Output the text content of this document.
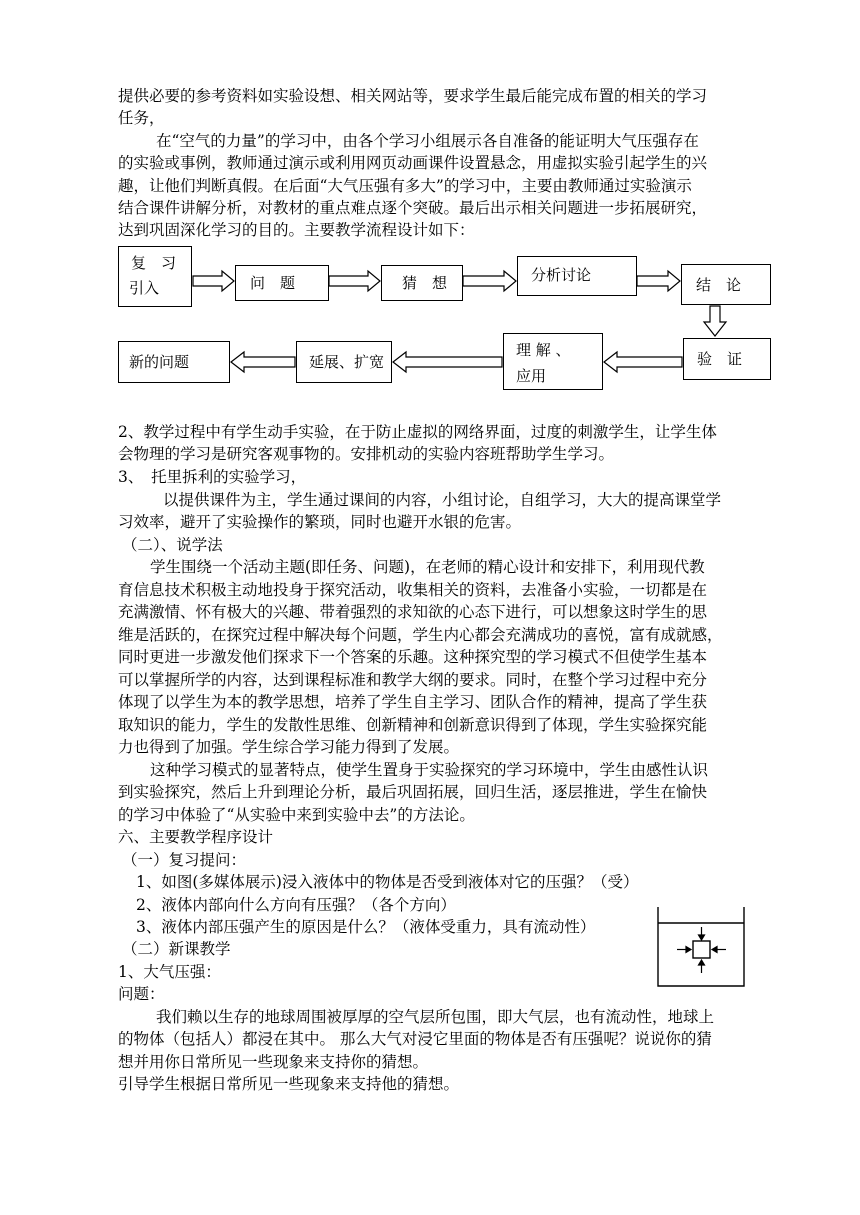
提供必要的参考资料如实验设想、相关网站等，要求学生最后能完成布置的相关的学习
任务，
在“空气的力量”的学习中，由各个学习小组展示各自准备的能证明大气压强存在
的实验或事例，教师通过演示或利用网页动画课件设置悬念，用虚拟实验引起学生的兴
趣，让他们判断真假。在后面“大气压强有多大”的学习中，主要由教师通过实验演示
结合课件讲解分析，对教材的重点难点逐个突破。最后出示相关问题进一步拓展研究，
达到巩固深化学习的目的。主要教学流程设计如下：
复　习
引入	问　题	猜　想	分析讨论
结　论
验　证
理 解 、
应用
延展、扩宽
新的问题
2、教学过程中有学生动手实验，在于防止虚拟的网络界面，过度的刺激学生，让学生体
会物理的学习是研究客观事物的。安排机动的实验内容班帮助学生学习。
3、　托里拆利的实验学习，
以提供课件为主，学生通过课间的内容，小组讨论，自组学习，大大的提高课堂学
习效率，避开了实验操作的繁琐，同时也避开水银的危害。
（二）、说学法
学生围绕一个活动主题(即任务、问题)，在老师的精心设计和安排下，利用现代教
育信息技术积极主动地投身于探究活动，收集相关的资料，去准备小实验，一切都是在
充满激情、怀有极大的兴趣、带着强烈的求知欲的心态下进行，可以想象这时学生的思
维是活跃的，在探究过程中解决每个问题，学生内心都会充满成功的喜悦，富有成就感，
同时更进一步激发他们探求下一个答案的乐趣。这种探究型的学习模式不但使学生基本
可以掌握所学的内容，达到课程标准和教学大纲的要求。同时，在整个学习过程中充分
体现了以学生为本的教学思想，培养了学生自主学习、团队合作的精神，提高了学生获
取知识的能力，学生的发散性思维、创新精神和创新意识得到了体现，学生实验探究能
力也得到了加强。学生综合学习能力得到了发展。
这种学习模式的显著特点，使学生置身于实验探究的学习环境中，学生由感性认识
到实验探究，然后上升到理论分析，最后巩固拓展，回归生活，逐层推进，学生在愉快
的学习中体验了“从实验中来到实验中去”的方法论。
六、主要教学程序设计
（一）复习提问：
1、如图(多媒体展示)浸入液体中的物体是否受到液体对它的压强？（受）
2、液体内部向什么方向有压强？（各个方向）
3、液体内部压强产生的原因是什么？（液体受重力，具有流动性）
（二）新课教学
1、大气压强：
问题：
我们赖以生存的地球周围被厚厚的空气层所包围，即大气层，也有流动性，地球上
的物体（包括人）都浸在其中。 那么大气对浸它里面的物体是否有压强呢？说说你的猜
想并用你日常所见一些现象来支持你的猜想。
引导学生根据日常所见一些现象来支持他的猜想。
